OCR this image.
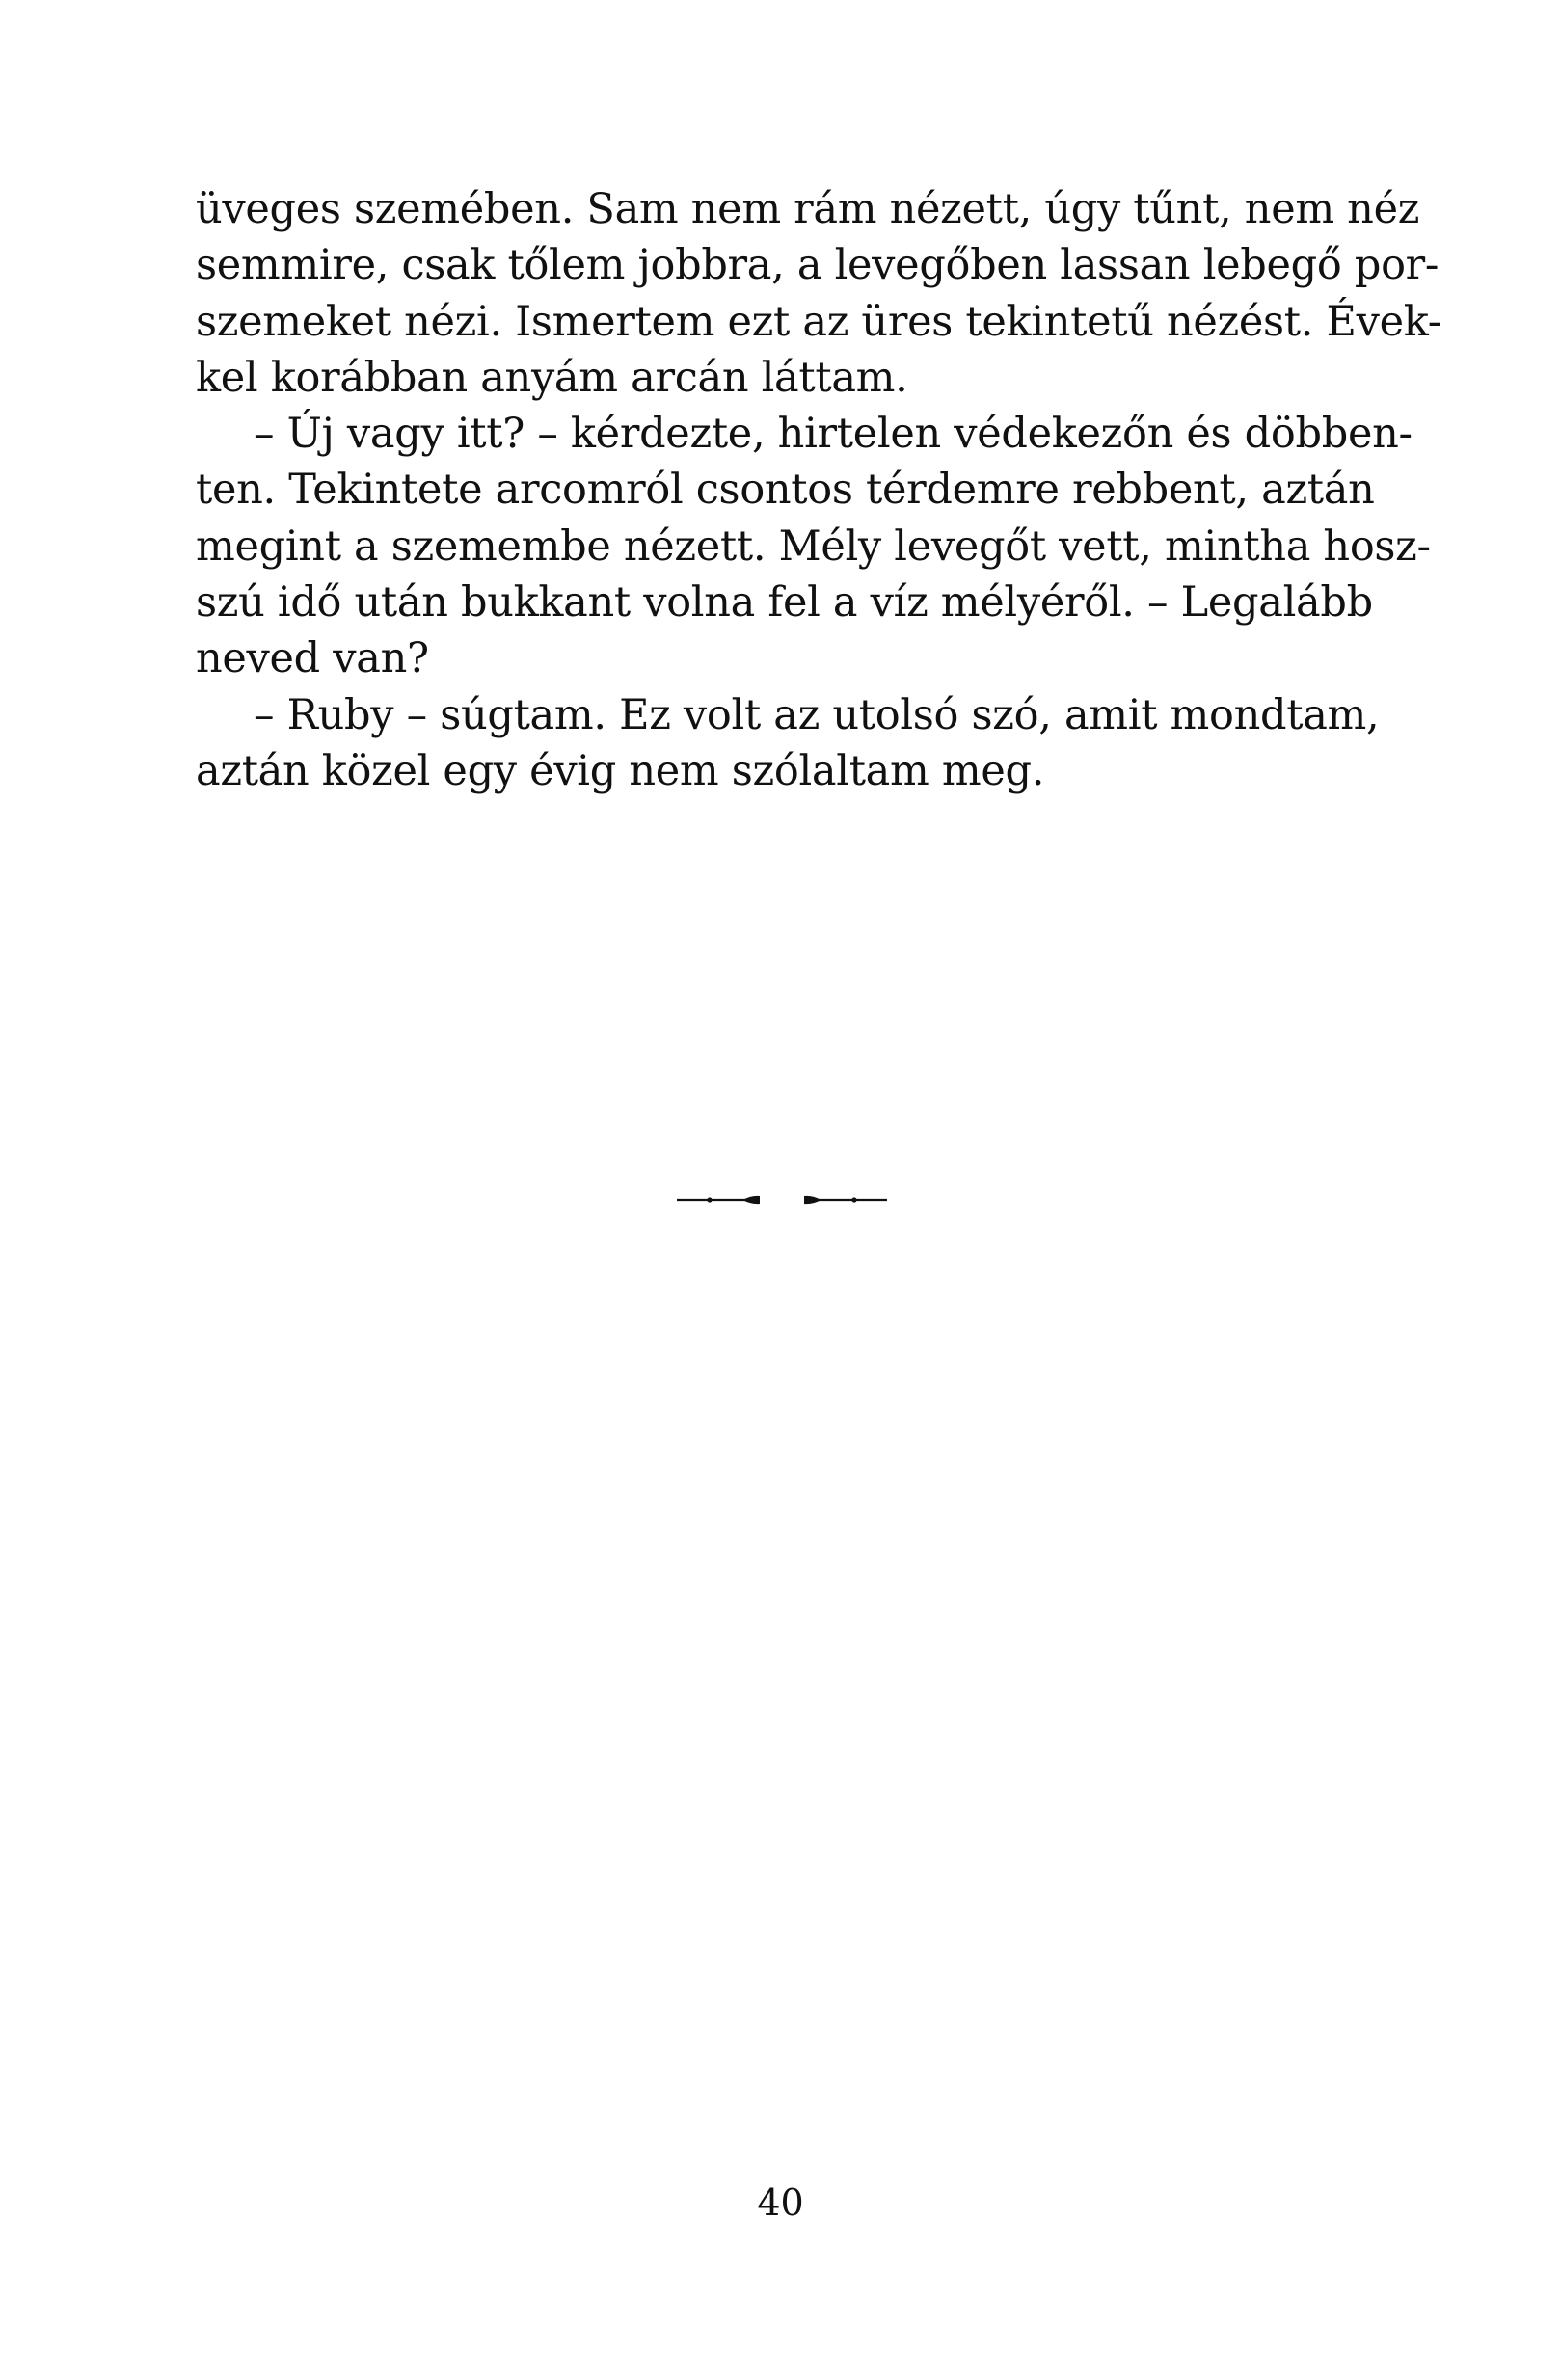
üveges szemében. Sam nem rám nézett, úgy tűnt, nem néz
semmire, csak tőlem jobbra, a levegőben lassan lebegő por-
szemeket nézi. Ismertem ezt az üres tekintetű nézést. Évek-
kel korábban anyám arcán láttam.
– Új vagy itt? – kérdezte, hirtelen védekezőn és döbben-
ten. Tekintete arcomról csontos térdemre rebbent, aztán
megint a szemembe nézett. Mély levegőt vett, mintha hosz-
szú idő után bukkant volna fel a víz mélyéről. – Legalább
neved van?
– Ruby – súgtam. Ez volt az utolsó szó, amit mondtam,
aztán közel egy évig nem szólaltam meg.
40
